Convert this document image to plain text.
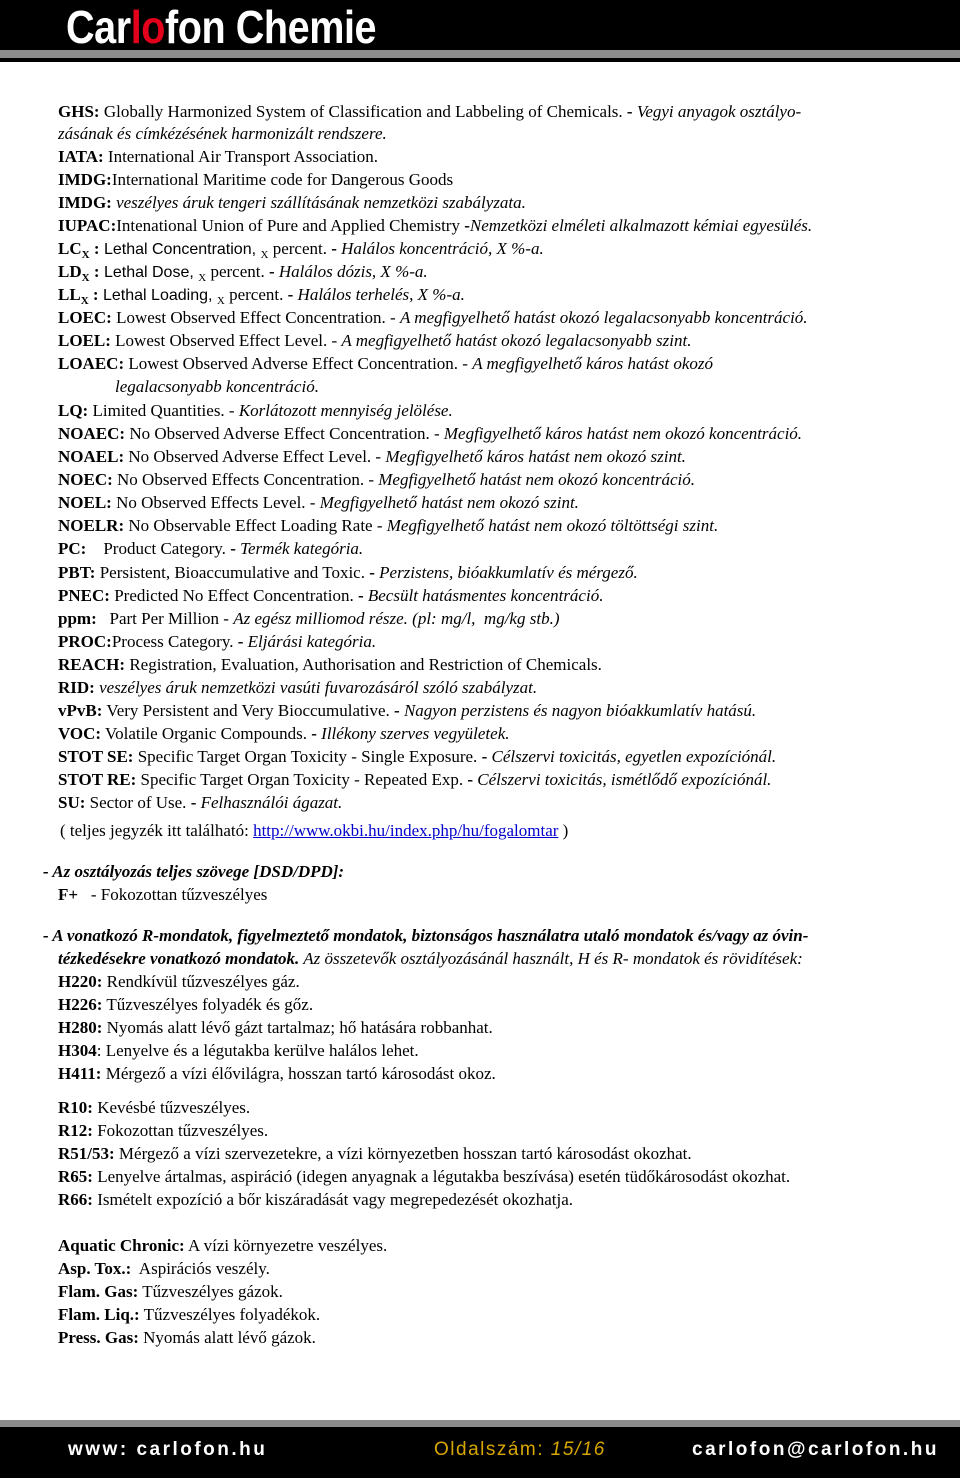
Carlofon Chemie
GHS: Globally Harmonized System of Classification and Labbeling of Chemicals. - Vegyi anyagok osztályo-
zásának és címkézésének harmonizált rendszere.
IATA: International Air Transport Association.
IMDG:International Maritime code for Dangerous Goods
IMDG: veszélyes áruk tengeri szállításának nemzetközi szabályzata.
IUPAC:Intenational Union of Pure and Applied Chemistry -Nemzetközi elméleti alkalmazott kémiai egyesülés.
$LC_X$ : Lethal Concentration, $_X$ percent. - Halálos koncentráció, X %-a.
$LD_X$ : Lethal Dose, $_X$ percent. - Halálos dózis, X %-a.
$LL_X$ : Lethal Loading, $_X$ percent. - Halálos terhelés, X %-a.
LOEC: Lowest Observed Effect Concentration. - A megfigyelhető hatást okozó legalacsonyabb koncentráció.
LOEL: Lowest Observed Effect Level. - A megfigyelhető hatást okozó legalacsonyabb szint.
LOAEC: Lowest Observed Adverse Effect Concentration. - A megfigyelhető káros hatást okozó
legalacsonyabb koncentráció.
LQ: Limited Quantities. - Korlátozott mennyiség jelölése.
NOAEC: No Observed Adverse Effect Concentration. - Megfigyelhető káros hatást nem okozó koncentráció.
NOAEL: No Observed Adverse Effect Level. - Megfigyelhető káros hatást nem okozó szint.
NOEC: No Observed Effects Concentration. - Megfigyelhető hatást nem okozó koncentráció.
NOEL: No Observed Effects Level. - Megfigyelhető hatást nem okozó szint.
NOELR: No Observable Effect Loading Rate - Megfigyelhető hatást nem okozó töltöttségi szint.
PC:    Product Category. - Termék kategória.
PBT: Persistent, Bioaccumulative and Toxic. - Perzistens, bióakkumlatív és mérgező.
PNEC: Predicted No Effect Concentration. - Becsült hatásmentes koncentráció.
ppm:   Part Per Million - Az egész milliomod része. (pl: mg/l,  mg/kg stb.)
PROC:Process Category. - Eljárási kategória.
REACH: Registration, Evaluation, Authorisation and Restriction of Chemicals.
RID: veszélyes áruk nemzetközi vasúti fuvarozásáról szóló szabályzat.
vPvB: Very Persistent and Very Bioccumulative. - Nagyon perzistens és nagyon bióakkumlatív hatású.
VOC: Volatile Organic Compounds. - Illékony szerves vegyületek.
STOT SE: Specific Target Organ Toxicity - Single Exposure. - Célszervi toxicitás, egyetlen expozíciónál.
STOT RE: Specific Target Organ Toxicity - Repeated Exp. - Célszervi toxicitás, ismétlődő expozíciónál.
SU: Sector of Use. - Felhasználói ágazat.
( teljes jegyzék itt található: http://www.okbi.hu/index.php/hu/fogalomtar )
- Az osztályozás teljes szövege [DSD/DPD]:
F+   - Fokozottan tűzveszélyes
- A vonatkozó R-mondatok, figyelmeztető mondatok, biztonságos használatra utaló mondatok és/vagy az óvin-
tézkedésekre vonatkozó mondatok. Az összetevők osztályozásánál használt, H és R- mondatok és rövidítések:
H220: Rendkívül tűzveszélyes gáz.
H226: Tűzveszélyes folyadék és gőz.
H280: Nyomás alatt lévő gázt tartalmaz; hő hatására robbanhat.
H304: Lenyelve és a légutakba kerülve halálos lehet.
H411: Mérgező a vízi élővilágra, hosszan tartó károsodást okoz.
R10: Kevésbé tűzveszélyes.
R12: Fokozottan tűzveszélyes.
R51/53: Mérgező a vízi szervezetekre, a vízi környezetben hosszan tartó károsodást okozhat.
R65: Lenyelve ártalmas, aspiráció (idegen anyagnak a légutakba beszívása) esetén tüdőkárosodást okozhat.
R66: Ismételt expozíció a bőr kiszáradását vagy megrepedezését okozhatja.
Aquatic Chronic: A vízi környezetre veszélyes.
Asp. Tox.:  Aspirációs veszély.
Flam. Gas: Tűzveszélyes gázok.
Flam. Liq.: Tűzveszélyes folyadékok.
Press. Gas: Nyomás alatt lévő gázok.
www: carlofon.hu	Oldalszám: 15/16	carlofon@carlofon.hu
